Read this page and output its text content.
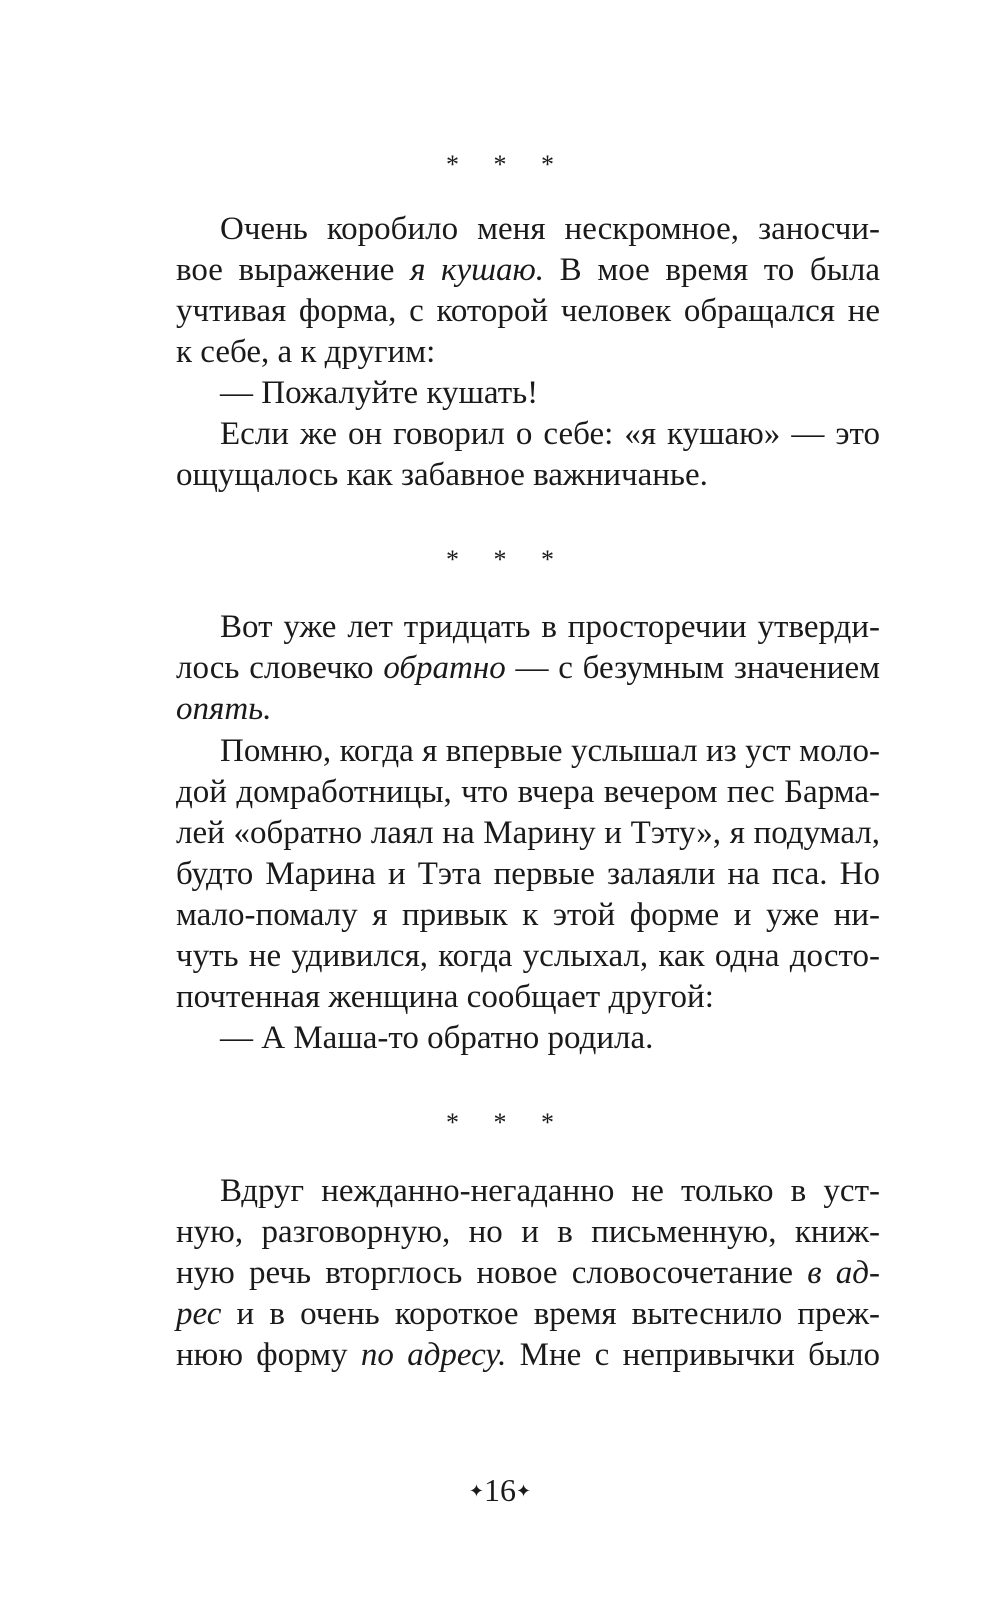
* * *
Очень коробило меня нескромное, заносчи-
вое выражение я кушаю. В мое время то была
учтивая форма, с которой человек обращался не
к себе, а к другим:
— Пожалуйте кушать!
Если же он говорил о себе: «я кушаю» — это
ощущалось как забавное важничанье.
* * *
Вот уже лет тридцать в просторечии утверди-
лось словечко обратно — с безумным значением
опять.
Помню, когда я впервые услышал из уст моло-
дой домработницы, что вчера вечером пес Барма-
лей «обратно лаял на Марину и Тэту», я подумал,
будто Марина и Тэта первые залаяли на пса. Но
мало-помалу я привык к этой форме и уже ни-
чуть не удивился, когда услыхал, как одна досто-
почтенная женщина сообщает другой:
— А Маша-то обратно родила.
* * *
Вдруг нежданно-негаданно не только в уст-
ную, разговорную, но и в письменную, книж-
ную речь вторглось новое словосочетание в ад-
рес и в очень короткое время вытеснило преж-
нюю форму по адресу. Мне с непривычки было
✦16✦
